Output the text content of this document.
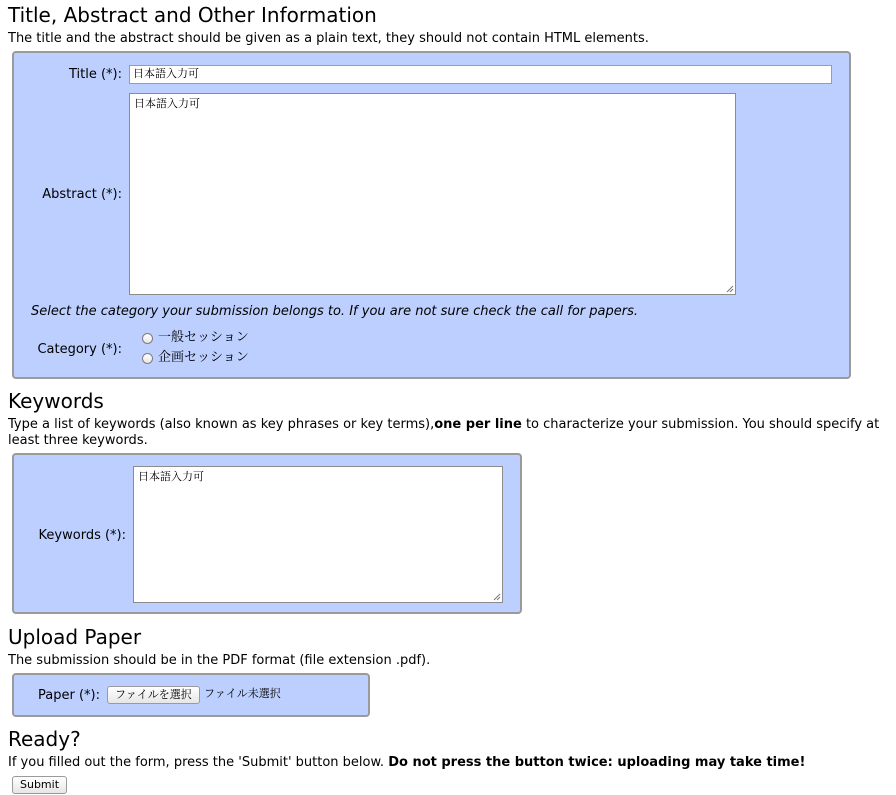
Title, Abstract and Other Information

The title and the abstract should be given as a plain text, they should not contain HTML elements.

Title (*):	日本語入力可
Abstract (*):
日本語入力可
Select the category your submission belongs to. If you are not sure check the call for papers.
Category (*):
一般セッション
企画セッション
Keywords

Type a list of keywords (also known as key phrases or key terms),one per line to characterize your submission. You should specify at

least three keywords.

Keywords (*):
日本語入力可
Upload Paper

The submission should be in the PDF format (file extension .pdf).

Paper (*):	ファイルを選択	ファイル未選択
Ready?

If you filled out the form, press the 'Submit' button below. Do not press the button twice: uploading may take time!

Submit
